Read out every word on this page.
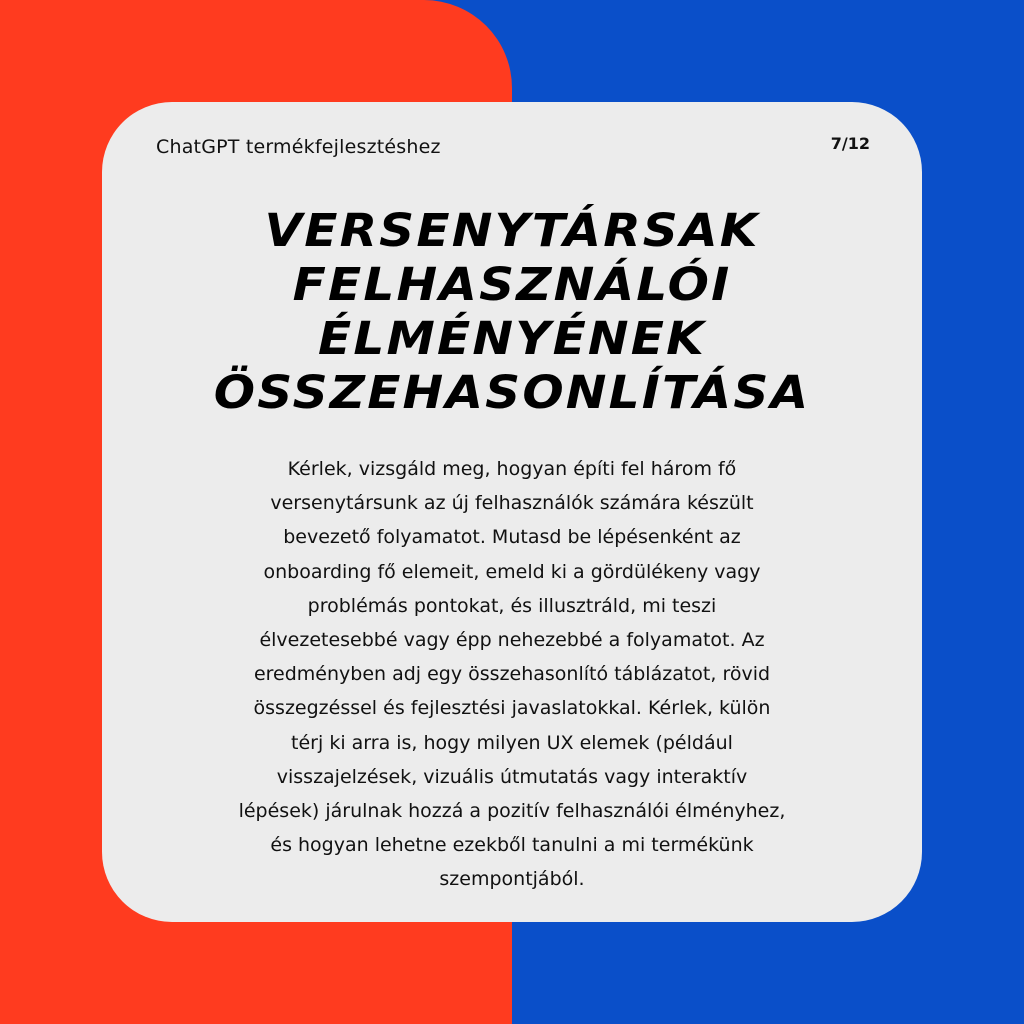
ChatGPT termékfejlesztéshez	7/12
VERSENYTÁRSAK
FELHASZNÁLÓI
ÉLMÉNYÉNEK
ÖSSZEHASONLÍTÁSA
Kérlek, vizsgáld meg, hogyan építi fel három fő
versenytársunk az új felhasználók számára készült
bevezető folyamatot. Mutasd be lépésenként az
onboarding fő elemeit, emeld ki a gördülékeny vagy
problémás pontokat, és illusztráld, mi teszi
élvezetesebbé vagy épp nehezebbé a folyamatot. Az
eredményben adj egy összehasonlító táblázatot, rövid
összegzéssel és fejlesztési javaslatokkal. Kérlek, külön
térj ki arra is, hogy milyen UX elemek (például
visszajelzések, vizuális útmutatás vagy interaktív
lépések) járulnak hozzá a pozitív felhasználói élményhez,
és hogyan lehetne ezekből tanulni a mi termékünk
szempontjából.
